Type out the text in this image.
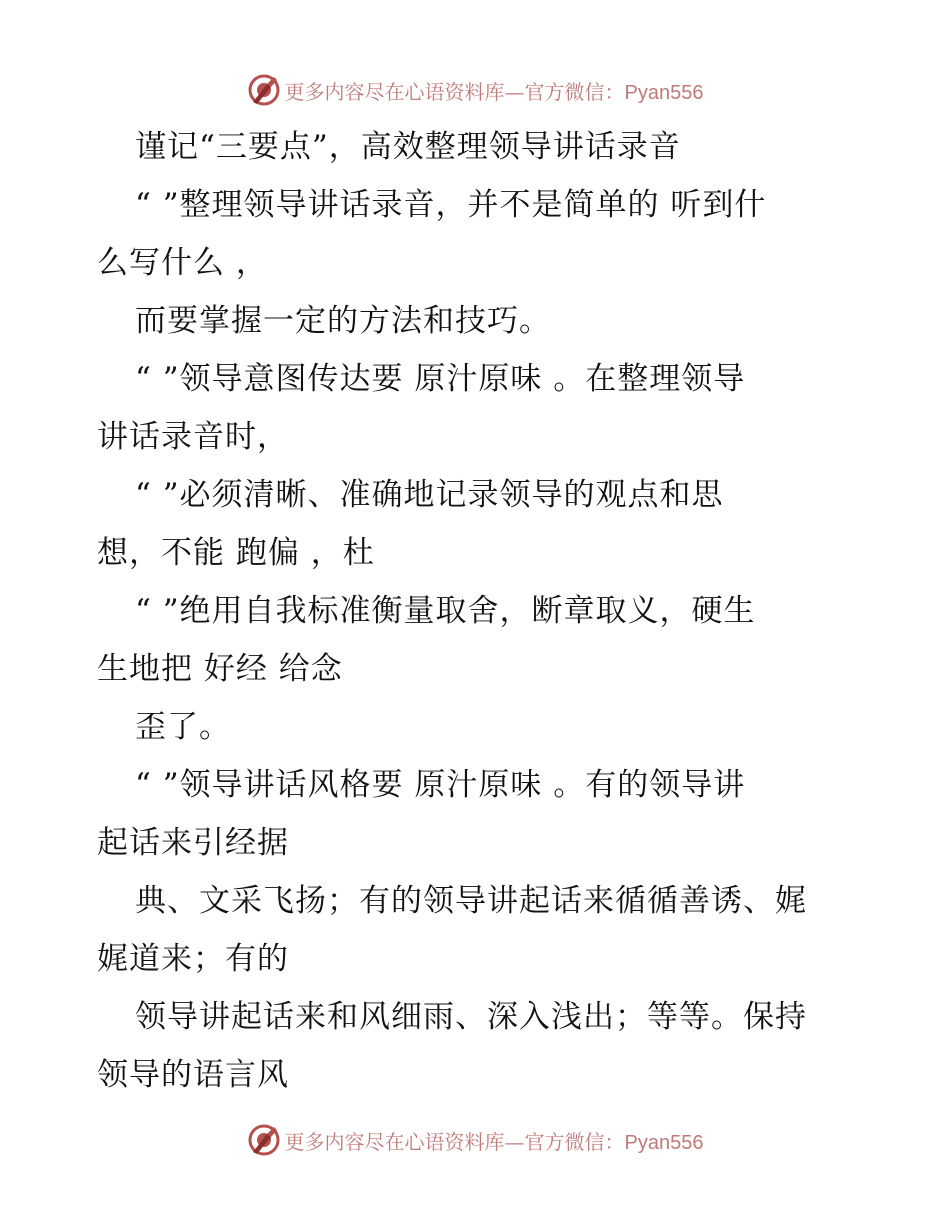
更多内容尽在心语资料库—官方微信：Pyan556
谨记“三要点”，高效整理领导讲话录音
“ ”整理领导讲话录音，并不是简单的 听到什
么写什么 ，
而要掌握一定的方法和技巧。
“ ”领导意图传达要 原汁原味 。在整理领导
讲话录音时，
“ ”必须清晰、准确地记录领导的观点和思
想，不能 跑偏 ，杜
“ ”绝用自我标准衡量取舍，断章取义，硬生
生地把 好经 给念
歪了。
“ ”领导讲话风格要 原汁原味 。有的领导讲
起话来引经据
典、文采飞扬；有的领导讲起话来循循善诱、娓
娓道来；有的
领导讲起话来和风细雨、深入浅出；等等。保持
领导的语言风
更多内容尽在心语资料库—官方微信：Pyan556
